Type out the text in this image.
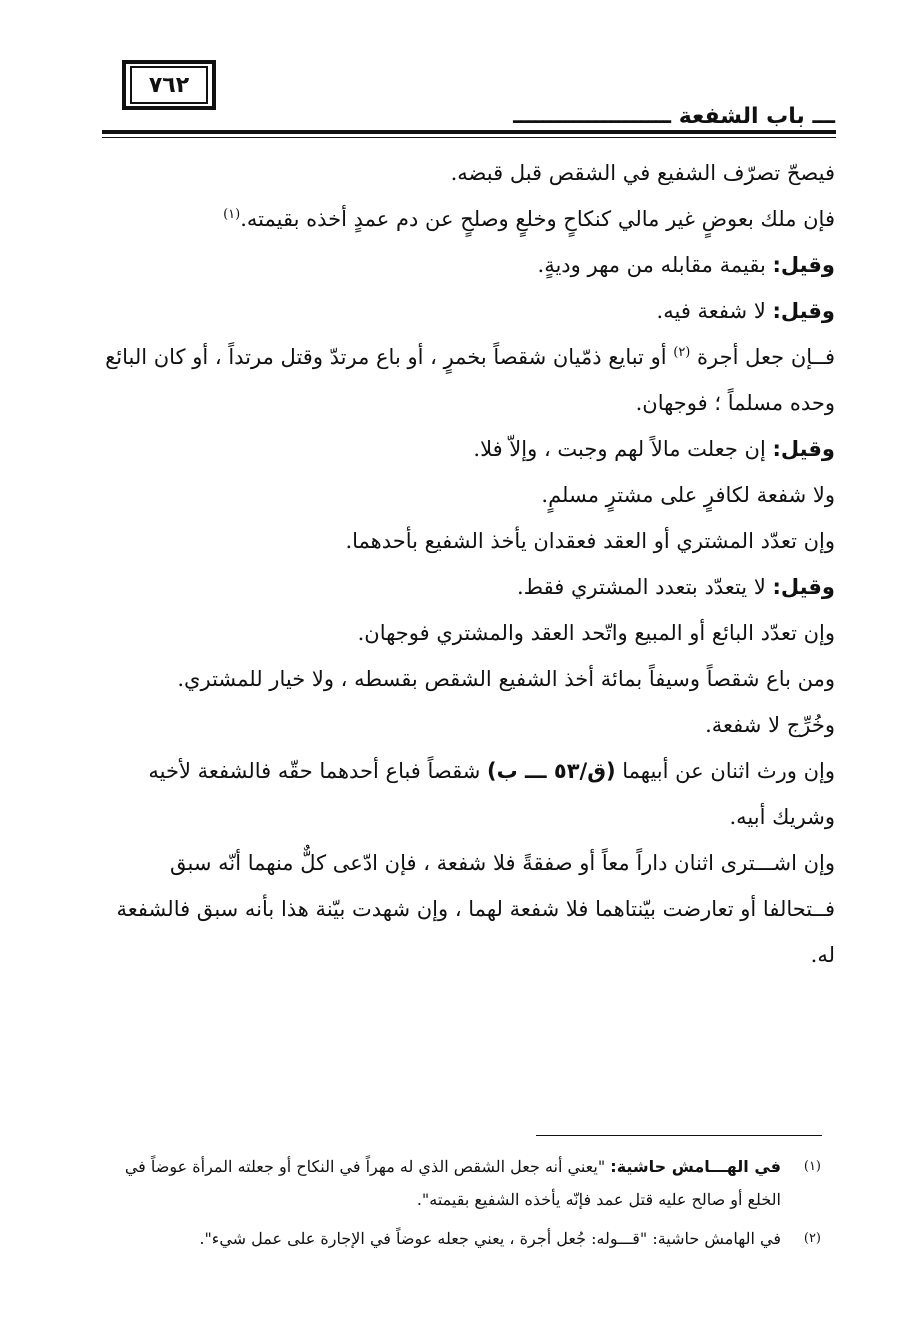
٧٦٢
ـــ باب الشفعة ـــــــــــــــــــــ

فيصحّ تصرّف الشفيع في الشقص قبل قبضه.

فإن ملك بعوضٍ غير مالي كنكاحٍ وخلعٍ وصلحٍ عن دم عمدٍ أخذه بقيمته.$^{(١)}$

وقيل: بقيمة مقابله من مهر وديةٍ.

وقيل: لا شفعة فيه.

فــإن جعل أجرة $^{(٢)}$ أو تبايع ذمّيان شقصاً بخمرٍ ، أو باع مرتدّ وقتل مرتداً ، أو كان البائع وحده مسلماً ؛ فوجهان.

وقيل: إن جعلت مالاً لهم وجبت ، وإلاّ فلا.

ولا شفعة لكافرٍ على مشترٍ مسلمٍ.

وإن تعدّد المشتري أو العقد فعقدان يأخذ الشفيع بأحدهما.

وقيل: لا يتعدّد بتعدد المشتري فقط.

وإن تعدّد البائع أو المبيع واتّحد العقد والمشتري فوجهان.

ومن باع شقصاً وسيفاً بمائة أخذ الشفيع الشقص بقسطه ، ولا خيار للمشتري.

وخُرِّج لا شفعة.

وإن ورث اثنان عن أبيهما (ق/٥٣ ـــ ب) شقصاً فباع أحدهما حقّه فالشفعة لأخيه وشريك أبيه.

وإن اشـــترى اثنان داراً معاً أو صفقةً فلا شفعة ، فإن ادّعى كلٌّ منهما أنّه سبق فــتحالفا أو تعارضت بيّنتاهما فلا شفعة لهما ، وإن شهدت بيّنة هذا بأنه سبق فالشفعة له.

(١)
في الهـــامش حاشية: "يعني أنه جعل الشقص الذي له مهراً في النكاح أو جعلته المرأة عوضاً في الخلع أو صالح عليه قتل عمد فإنّه يأخذه الشفيع بقيمته".
(٢)
في الهامش حاشية: "قـــوله: جُعل أجرة ، يعني جعله عوضاً في الإجارة على عمل شيء".
